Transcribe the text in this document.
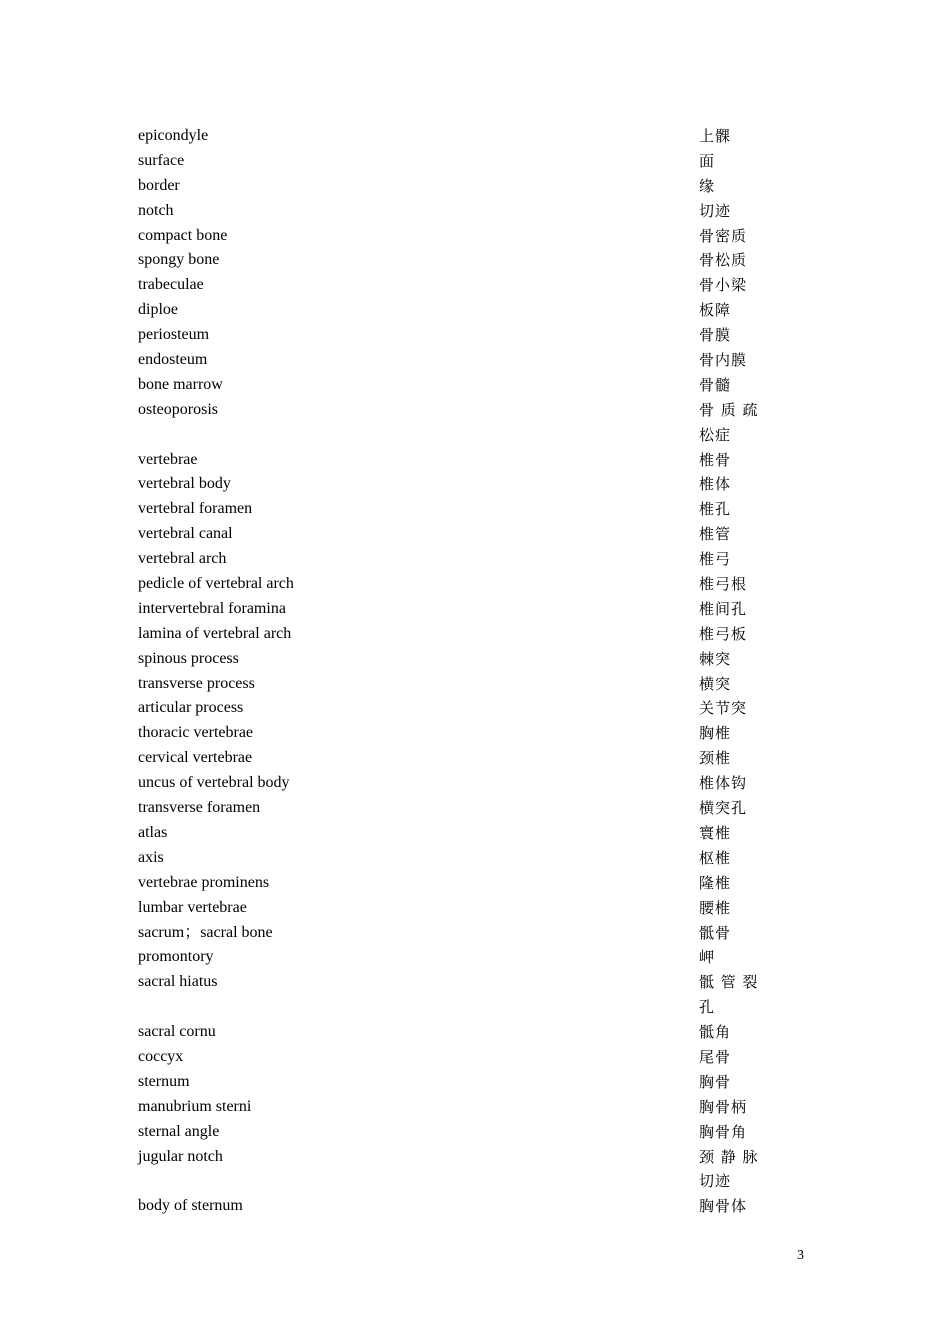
epicondyle	上髁
surface	面
border	缘
notch	切迹
compact bone	骨密质
spongy bone	骨松质
trabeculae	骨小梁
diploe	板障
periosteum	骨膜
endosteum	骨内膜
bone marrow	骨髓
osteoporosis	骨 质 疏
松症
vertebrae	椎骨
vertebral body	椎体
vertebral foramen	椎孔
vertebral canal	椎管
vertebral arch	椎弓
pedicle of vertebral arch	椎弓根
intervertebral foramina	椎间孔
lamina of vertebral arch	椎弓板
spinous process	棘突
transverse process	横突
articular process	关节突
thoracic vertebrae	胸椎
cervical vertebrae	颈椎
uncus of vertebral body	椎体钩
transverse foramen	横突孔
atlas	寰椎
axis	枢椎
vertebrae prominens	隆椎
lumbar vertebrae	腰椎
sacrum；sacral bone	骶骨
promontory	岬
sacral hiatus	骶 管 裂
孔
sacral cornu	骶角
coccyx	尾骨
sternum	胸骨
manubrium sterni	胸骨柄
sternal angle	胸骨角
jugular notch	颈 静 脉
切迹
body of sternum	胸骨体
3
